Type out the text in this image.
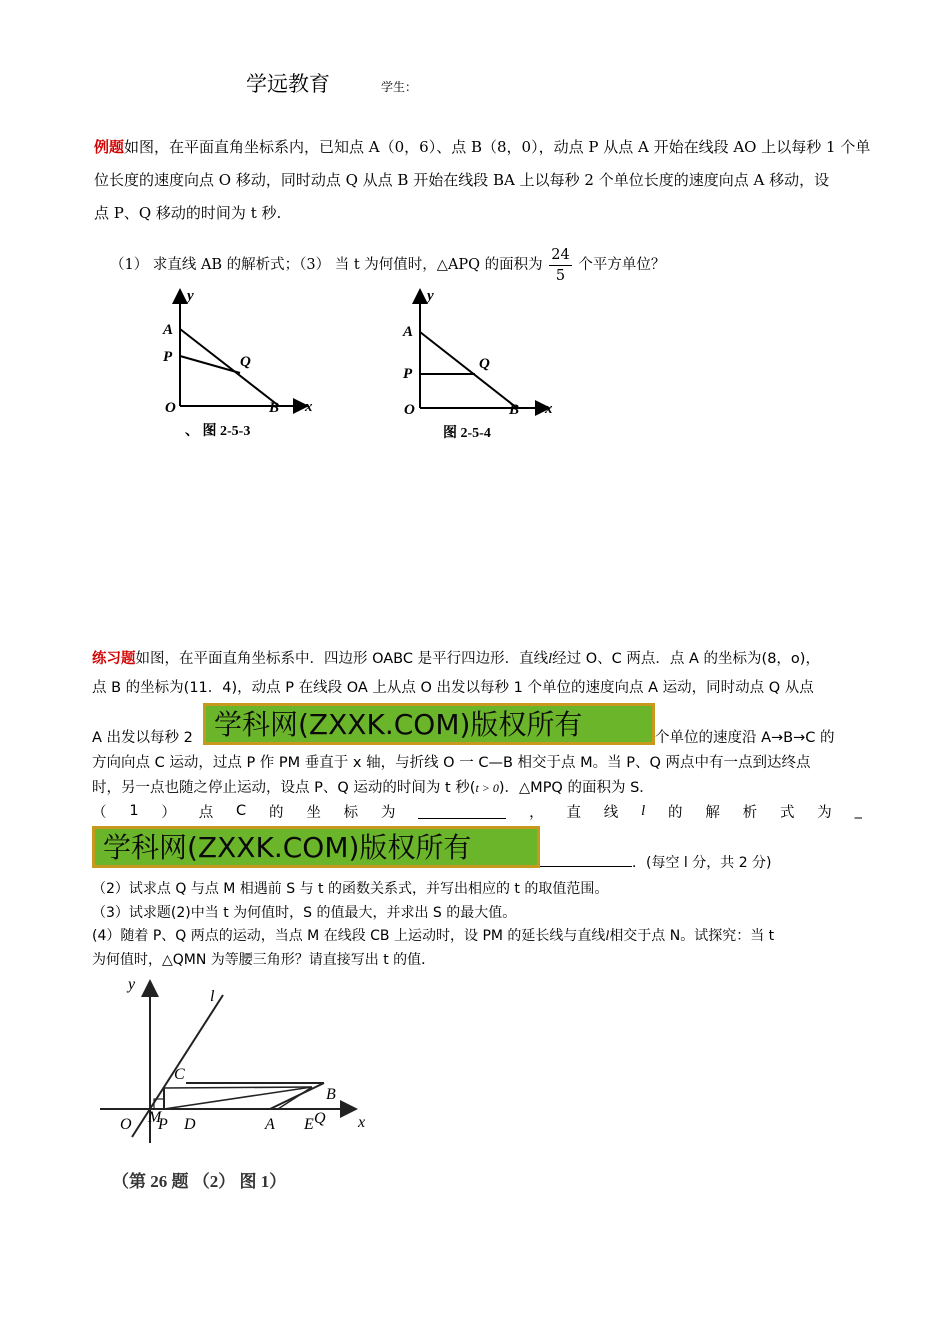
学远教育	学生：
例题如图，在平面直角坐标系内，已知点 A（0，6）、点 B（8，0），动点 P 从点 A 开始在线段 AO 上以每秒 1 个单
位长度的速度向点 O 移动，同时动点 Q 从点 B 开始在线段 BA 上以每秒 2 个单位长度的速度向点 A 移动，设
点 P、Q 移动的时间为 t 秒.
（1） 求直线 AB 的解析式；（3） 当 t 为何值时，△APQ 的面积为 $\frac{24}{5}$ 个平方单位？
y
A
P	Q
O	B x
、 图 2-5-3
y
A
P
Q
O	B x
图 2-5-4
练习题如图，在平面直角坐标系中．四边形 OABC 是平行四边形．直线l经过 O、C 两点．点 A 的坐标为(8，o)，
点 B 的坐标为(11．4)，动点 P 在线段 OA 上从点 O 出发以每秒 1 个单位的速度向点 A 运动，同时动点 Q 从点
A 出发以每秒 2	个单位的速度沿 A→B→C 的
方向向点 C 运动，过点 P 作 PM 垂直于 x 轴，与折线 O 一 C—B 相交于点 M。当 P、Q 两点中有一点到达终点
时，另一点也随之停止运动，设点 P、Q 运动的时间为 t 秒(t > 0)．△MPQ 的面积为 S．
（ 1 ） 点 C 的 坐 标 为	， 直 线 l 的 解 析 式 为 _
．(每空 l 分，共 2 分)
（2）试求点 Q 与点 M 相遇前 S 与 t 的函数关系式，并写出相应的 t 的取值范围。
（3）试求题(2)中当 t 为何值时，S 的值最大，并求出 S 的最大值。
(4）随着 P、Q 两点的运动，当点 M 在线段 CB 上运动时，设 PM 的延长线与直线l相交于点 N。试探究：当 t
为何值时，△QMN 为等腰三角形？请直接写出 t 的值．
学科网(ZXXK.COM)版权所有
学科网(ZXXK.COM)版权所有
y
l
C
B
M	Q
O P D	A E	x
（第 26 题 （2） 图 1）
